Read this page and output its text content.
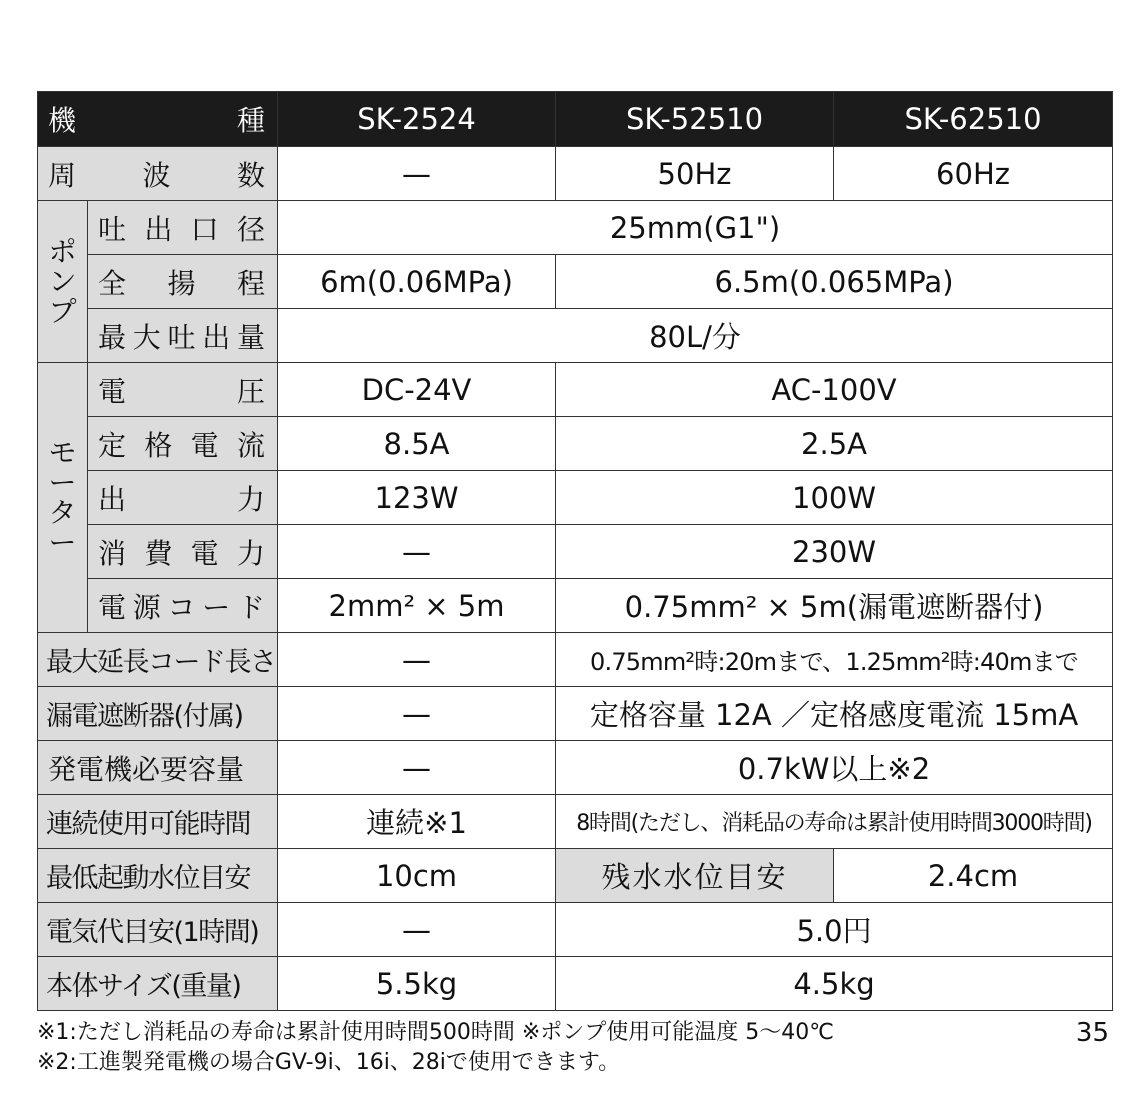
機　　　　種		SK-2524	SK-52510	SK-62510
周　波　数		—	50Hz	60Hz
ポンプ	吐出口径	25mm(G1")		
	全　揚　程	6m(0.06MPa)	6.5m(0.065MPa)	
	最大吐出量	80L/分		
モーター	電　　　圧	DC-24V	AC-100V	
	定格電流	8.5A	2.5A	
	出　　　力	123W	100W	
	消費電力	—	230W	
	電源コード	2mm² × 5m	0.75mm² × 5m(漏電遮断器付)	
最大延長コード長さ		—	0.75mm²時:20mまで、1.25mm²時:40mまで	
漏電遮断器(付属)		—	定格容量 12A ／定格感度電流 15mA	
発電機必要容量		—	0.7kW以上※2	
連続使用可能時間		連続※1	8時間(ただし、消耗品の寿命は累計使用時間3000時間)	
最低起動水位目安		10cm	残水水位目安	2.4cm
電気代目安(1時間)		—	5.0円	
本体サイズ(重量)		5.5kg	4.5kg	
※1:ただし消耗品の寿命は累計使用時間500時間 ※ポンプ使用可能温度 5〜40℃
※2:工進製発電機の場合GV-9i、16i、28iで使用できます。
35
